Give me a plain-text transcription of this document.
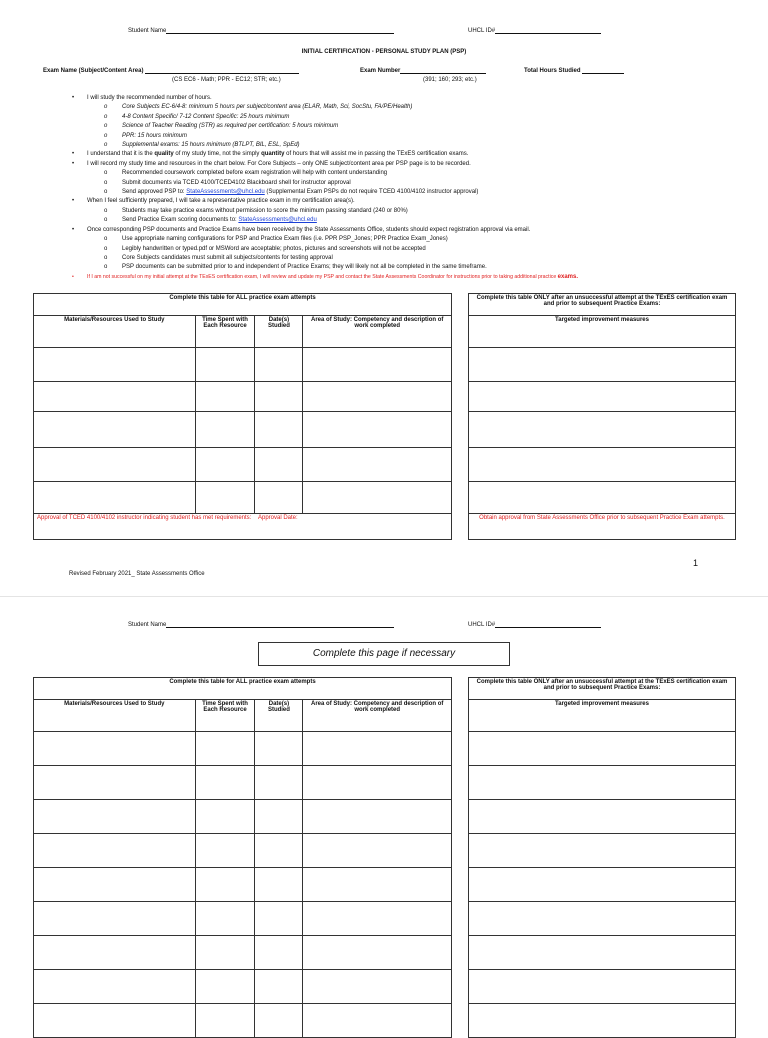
Student Name	UHCL ID#
INITIAL CERTIFICATION - PERSONAL STUDY PLAN (PSP)
Exam Name (Subject/Content Area)
(CS EC6 - Math; PPR - EC12; STR; etc.)
Exam Number
(391; 160; 293; etc.)
Total Hours Studied
• I will study the recommended number of hours.
o Core Subjects EC-6/4-8: minimum 5 hours per subject/content area (ELAR, Math, Sci, SocStu, FA/PE/Health)
o 4-8 Content Specific/ 7-12 Content Specific: 25 hours minimum
o Science of Teacher Reading (STR) as required per certification: 5 hours minimum
o PPR: 15 hours minimum
o Supplemental exams: 15 hours minimum (BTLPT, BIL, ESL, SpEd)
• I understand that it is the quality of my study time, not the simply quantity of hours that will assist me in passing the TExES certification exams.
• I will record my study time and resources in the chart below. For Core Subjects – only ONE subject/content area per PSP page is to be recorded.
o Recommended coursework completed before exam registration will help with content understanding
o Submit documents via TCED 4100/TCED4102 Blackboard shell for instructor approval
o Send approved PSP to: StateAssessments@uhcl.edu (Supplemental Exam PSPs do not require TCED 4100/4102 instructor approval)
• When I feel sufficiently prepared, I will take a representative practice exam in my certification area(s).
o Students may take practice exams without permission to score the minimum passing standard (240 or 80%)
o Send Practice Exam scoring documents to: StateAssessments@uhcl.edu
• Once corresponding PSP documents and Practice Exams have been received by the State Assessments Office, students should expect registration approval via email.
o Use appropriate naming configurations for PSP and Practice Exam files (i.e. PPR PSP_Jones; PPR Practice Exam_Jones)
o Legibly handwritten or typed.pdf or MSWord are acceptable; photos, pictures and screenshots will not be accepted
o Core Subjects candidates must submit all subjects/contents for testing approval
o PSP documents can be submitted prior to and independent of Practice Exams; they will likely not all be completed in the same timeframe.
•	If I am not successful on my initial attempt at the TExES certification exam, I will review and update my PSP and contact the State Assessments Coordinator for instructions prior to taking additional practice exams.
Complete this table for ALL practice exam attempts			
Materials/Resources Used to Study	Time Spent with Each Resource	Date(s) Studied	Area of Study: Competency and description of work completed

Approval of TCED 4100/4102 instructor indicating student has met requirements:		Approval Date:	
Complete this table ONLY after an unsuccessful attempt at the TExES certification exam and prior to subsequent Practice Exams:
Targeted improvement measures

Obtain approval from State Assessments Office prior to subsequent Practice Exam attempts.
1
Revised February 2021_ State Assessments Office
Student Name	UHCL ID#
Complete this page if necessary
Complete this table for ALL practice exam attempts			
Materials/Resources Used to Study	Time Spent with Each Resource	Date(s) Studied	Area of Study: Competency and description of work completed

Complete this table ONLY after an unsuccessful attempt at the TExES certification exam and prior to subsequent Practice Exams:
Targeted improvement measures
